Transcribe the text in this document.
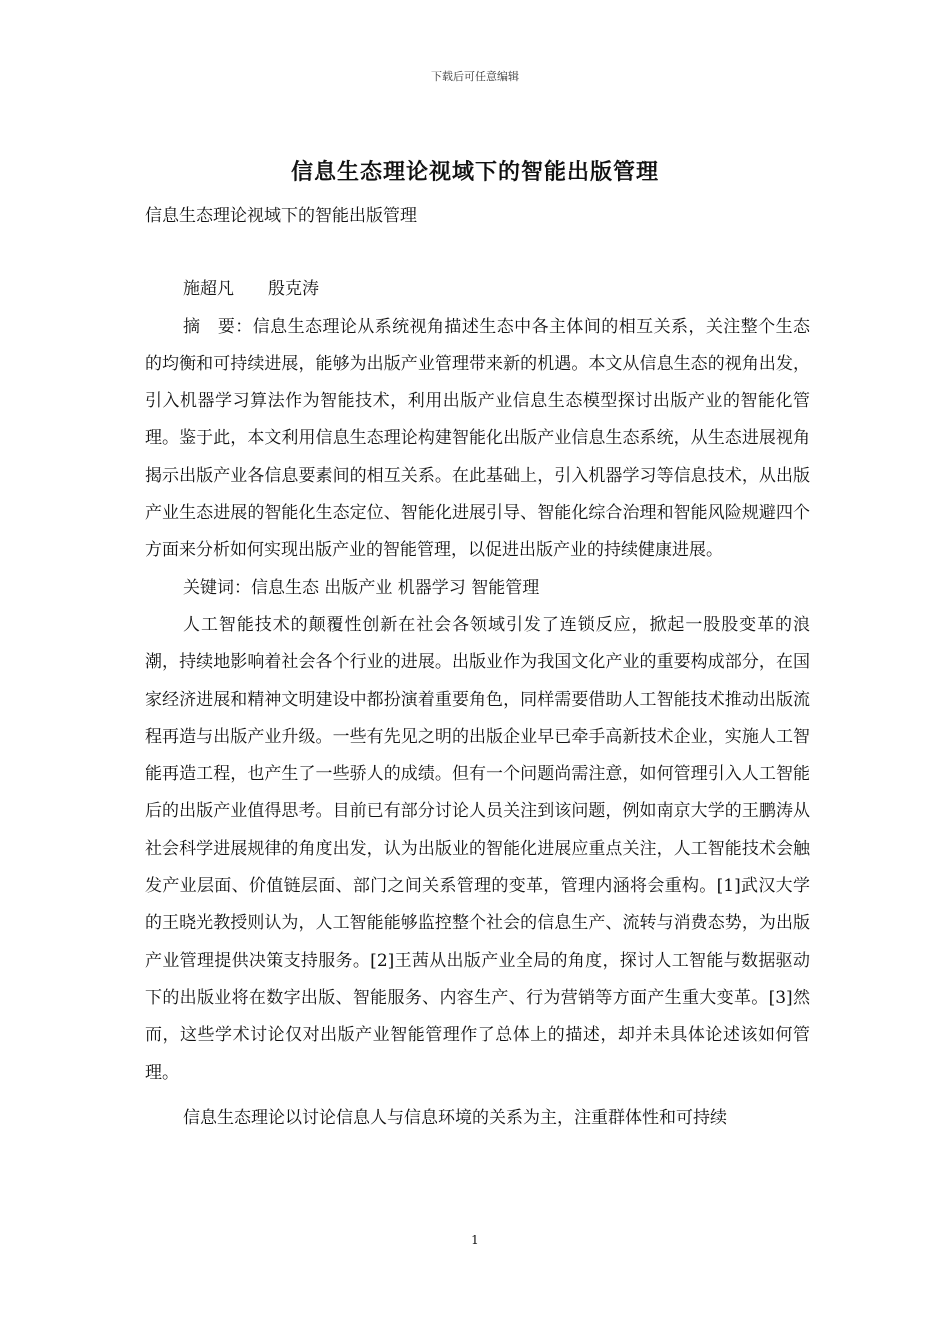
下载后可任意编辑
信息生态理论视域下的智能出版管理

信息生态理论视域下的智能出版管理

施超凡　　殷克涛

摘　要：信息生态理论从系统视角描述生态中各主体间的相互关系，关注整个生态的均衡和可持续进展，能够为出版产业管理带来新的机遇。本文从信息生态的视角出发，引入机器学习算法作为智能技术，利用出版产业信息生态模型探讨出版产业的智能化管理。鉴于此，本文利用信息生态理论构建智能化出版产业信息生态系统，从生态进展视角揭示出版产业各信息要素间的相互关系。在此基础上，引入机器学习等信息技术，从出版产业生态进展的智能化生态定位、智能化进展引导、智能化综合治理和智能风险规避四个方面来分析如何实现出版产业的智能管理，以促进出版产业的持续健康进展。

关键词：信息生态 出版产业 机器学习 智能管理

人工智能技术的颠覆性创新在社会各领域引发了连锁反应，掀起一股股变革的浪潮，持续地影响着社会各个行业的进展。出版业作为我国文化产业的重要构成部分，在国家经济进展和精神文明建设中都扮演着重要角色，同样需要借助人工智能技术推动出版流程再造与出版产业升级。一些有先见之明的出版企业早已牵手高新技术企业，实施人工智能再造工程，也产生了一些骄人的成绩。但有一个问题尚需注意，如何管理引入人工智能后的出版产业值得思考。目前已有部分讨论人员关注到该问题，例如南京大学的王鹏涛从社会科学进展规律的角度出发，认为出版业的智能化进展应重点关注，人工智能技术会触发产业层面、价值链层面、部门之间关系管理的变革，管理内涵将会重构。[1]武汉大学的王晓光教授则认为，人工智能能够监控整个社会的信息生产、流转与消费态势，为出版产业管理提供决策支持服务。[2]王茜从出版产业全局的角度，探讨人工智能与数据驱动下的出版业将在数字出版、智能服务、内容生产、行为营销等方面产生重大变革。[3]然而，这些学术讨论仅对出版产业智能管理作了总体上的描述，却并未具体论述该如何管理。

信息生态理论以讨论信息人与信息环境的关系为主，注重群体性和可持续

1
